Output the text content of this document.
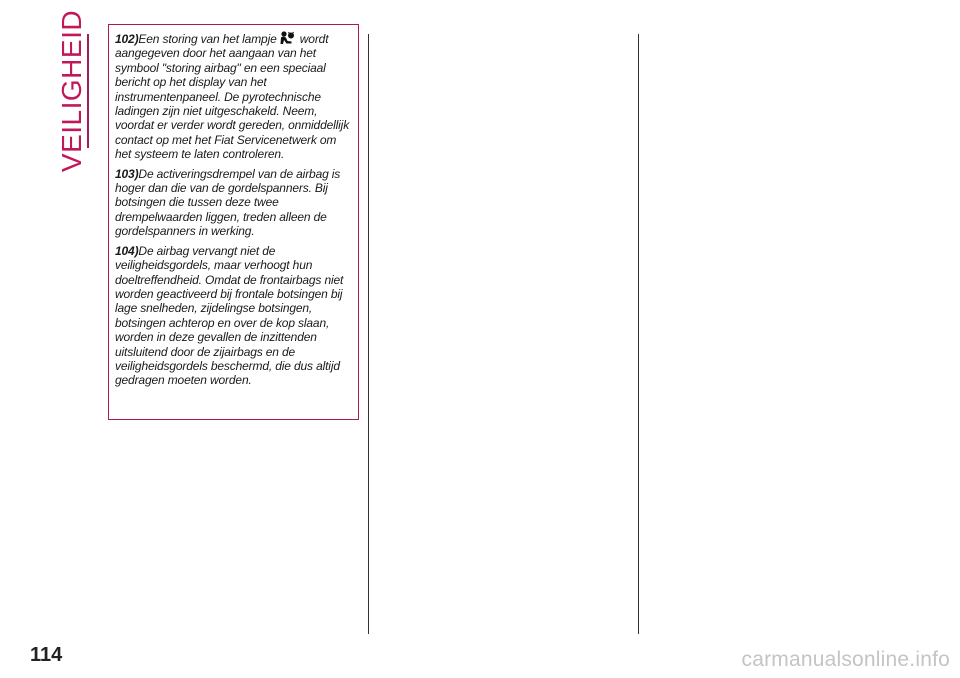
VEILIGHEID 102)Een storing van het lampje wordt aangegeven door het aangaan van het symbool "storing airbag" en een speciaal bericht op het display van het instrumentenpaneel. De pyrotechnische ladingen zijn niet uitgeschakeld. Neem, voordat er verder wordt gereden, onmiddellijk contact op met het Fiat Servicenetwerk om het systeem te laten controleren.

103)De activeringsdrempel van de airbag is hoger dan die van de gordelspanners. Bij botsingen die tussen deze twee drempelwaarden liggen, treden alleen de gordelspanners in werking.

104)De airbag vervangt niet de veiligheidsgordels, maar verhoogt hun doeltreffendheid. Omdat de frontairbags niet worden geactiveerd bij frontale botsingen bij lage snelheden, zijdelingse botsingen, botsingen achterop en over de kop slaan, worden in deze gevallen de inzittenden uitsluitend door de zijairbags en de veiligheidsgordels beschermd, die dus altijd gedragen moeten worden.

114	carmanualsonline.info
